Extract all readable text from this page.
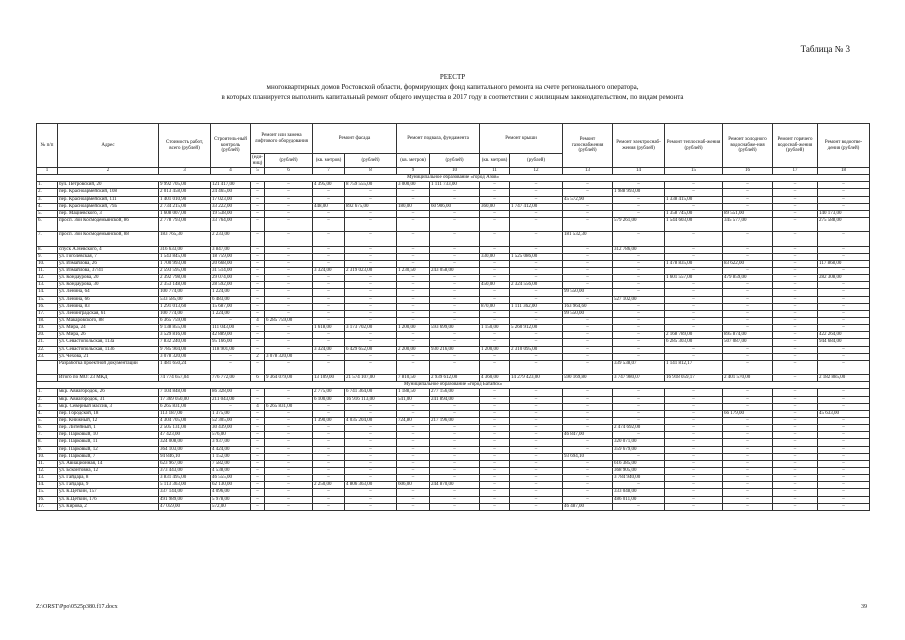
Таблица № 3
РЕЕСТР
многоквартирных домов Ростовской области, формирующих фонд капитального ремонта на счете регионального оператора,
в которых планируется выполнить капитальный ремонт общего имущества в 2017 году в соответствии с жилищным законодательством, по видам ремонта
№ п/п	Адрес	Стоимость работ, всего (рублей)	Строитель-ный контроль (рублей)	Ремонт или замена лифтового оборудования		Ремонт фасада		Ремонт подвала, фундамента		Ремонт крыши		Ремонт газоснабжения (рублей)	Ремонт электроснаб-жения (рублей)	Ремонт теплоснаб-жения (рублей)	Ремонт холодного водоснабже-ния (рублей)	Ремонт горячего водоснаб-жения (рублей)	Ремонт водоотве-дения (рублей)
				(еди-ниц)	(рублей)	(кв. метров)	(рублей)	(кв. метров)	(рублей)	(кв. метров)	(рублей)						
1	2	3	4	5	6	7	8	9	10	11	12	13	14	15	16	17	18
Муниципальное образование «город Азов»																	
1.	бул. Петровский, 20	9 992 705,00	121 417,00	–	–	4 395,00	8 759 555,00	3 000,00	1 111 733,00	–	–	–	–	–	–	–	–
2.	пер. Красноармейский, 108	2 013 458,00	24 465,00	–	–	–	–	–	–	–	–	–	1 988 993,00	–	–	–	–
3.	пер. Красноармейский, 111	1 401 010,90	17 023,00	–	–	–	–	–	–	–	–	45 572,90	–	1 338 415,00	–	–	–
4.	пер. Красноармейский, 79а	2 734 215,00	33 222,00	–	–	448,00	892 675,00	180,00	60 906,00	360,00	1 747 412,00	–	–	–	–	–	–
5.	пер. Мациевского, 3	1 608 007,00	19 538,00	–	–	–	–	–	–	–	–	–	–	1 358 745,00	89 551,00	–	140 173,00
6.	просп. Зои Космодемьянской, 86	2 778 793,00	33 764,00	–	–	–	–	–	–	–	–	–	579 261,00	1 544 603,00	345 577,00	–	275 588,00
7.	просп. Зои Космодемьянской, 88	183 765,30	2 233,00	–	–	–	–	–	–	–	–	181 532,30	–	–	–	–	–
8.	спуск А.Невского, 4	316 633,00	3 847,00	–	–	–	–	–	–	–	–	–	312 786,00	–	–	–	–
9.	ул. Гоголевская, 7	1 543 845,00	18 759,00	–	–	–	–	–	–	330,00	1 525 086,00	–	–	–	–	–	–
10.	ул. Измайлова, 26	1 700 993,00	20 668,00	–	–	–	–	–	–	–	–	–	–	1 478 835,00	83 622,00	–	117 868,00
11.	ул. Измайлова, 37/41	2 593 595,00	31 514,00	–	–	3 324,00	2 319 023,00	1 230,50	243 058,00	–	–	–	–	–	–	–	–
12.	ул. Кондаурова, 20	2 392 798,00	29 074,00	–	–	–	–	–	–	–	–	–	–	1 601 557,00	479 859,00	–	282 308,00
13.	ул. Кондаурова, 30	2 353 148,00	28 592,00	–	–	–	–	–	–	450,00	2 324 556,00	–	–	–	–	–	–
14.	ул. Ленина, 64	100 774,00	1 224,00	–	–	–	–	–	–	–	–	99 550,00	–	–	–	–	–
15.	ул. Ленина, 66	533 585,00	6 483,00	–	–	–	–	–	–	–	–	–	527 102,00	–	–	–	–
16.	ул. Ленина, 83	1 291 013,60	15 687,00	–	–	–	–	–	–	870,00	1 111 362,00	163 964,60	–	–	–	–	–
17.	ул. Ленинградская, 61	100 774,00	1 224,00	–	–	–	–	–	–	–	–	99 550,00	–	–	–	–	–
18.	ул. Макаровского, 88	6 365 759,00	–	4	6 285 759,00	–	–	–	–	–	–	–	–	–	–	–	–
19.	ул. Мира, 24	9 138 855,00	111 043,00	–	–	1 618,00	3 173 702,00	1 200,00	593 699,00	1 150,00	5 260 912,00	–	–	–	–	–	–
20.	ул. Мира, 26	3 529 816,00	42 889,00	–	–	–	–	–	–	–	–	–	–	2 168 789,00	895 874,00	–	422 264,00
21.	ул. Севастопольская, 113а	7 832 240,00	95 166,00	–	–	–	–	–	–	–	–	–	–	6 285 303,00	507 087,00	–	944 684,00
22.	ул. Севастопольская, 113б	9 785 904,00	118 901,00	–	–	3 324,00	6 429 652,00	2 200,00	930 216,00	1 200,00	2 310 095,00	–	–	–	–	–	–
23.	ул. Чехова, 21	3 078 320,00	–	2	3 078 320,00	–	–	–	–	–	–	–	–	–	–	–	–
	Разработка проектной документации	1 481 650,24	–	–	–	–	–	–	–	–	–	–	339 538,07	1 141 812,17	–	–	–
	Итого по МО: 23 МКД	74 774 657,04	776 772,00	6	9 364 079,00	13 109,00	21 574 107,00	7 810,50	2 939 612,00	4 360,00	14 279 423,00	590 169,80	3 747 980,07	16 918 059,17	2 401 570,00	–	2 182 885,00
Муниципальное образование «город Батайск»																	
1.	мкр. Авиагородок, 26	7 104 848,00	86 328,00	–	–	2 775,00	6 741 364,00	1 188,50	277 156,00	–	–	–	–	–	–	–	–
2.	мкр. Авиагородок, 31	17 369 050,00	211 043,00	–	–	6 100,00	16 916 113,00	541,00	241 894,00	–	–	–	–	–	–	–	–
3.	мкр. Северный массив, 3	6 265 831,00	–	4	6 265 831,00	–	–	–	–	–	–	–	–	–	–	–	–
4.	пер. Городской, 18	113 187,00	1 375,00	–	–	–	–	–	–	–	–	–	–	–	66 179,00	–	45 633,00
5.	пер. Книжный, 12	4 304 705,00	52 305,00	–	–	1 390,00	4 035 204,00	724,80	217 196,00	–	–	–	–	–	–	–	–
6.	пер. Литейный, 1	2 505 131,00	30 439,00	–	–	–	–	–	–	–	–	–	2 474 692,00	–	–	–	–
7.	пер. Парковый, 10	47 423,00	576,00	–	–	–	–	–	–	–	–	46 847,00	–	–	–	–	–
8.	пер. Парковый, 11	324 008,00	3 937,00	–	–	–	–	–	–	–	–	–	320 071,00	–	–	–	–
9.	пер. Парковый, 12	364 103,00	4 424,00	–	–	–	–	–	–	–	–	–	359 679,00	–	–	–	–
10.	пер. Парковый, 7	94 846,10	1 152,00	–	–	–	–	–	–	–	–	93 694,10	–	–	–	–	–
11.	ул. Авиационная, 14	623 967,00	7 582,00	–	–	–	–	–	–	–	–	–	616 385,00	–	–	–	–
12.	ул. Бсконтовна, 12	373 443,00	4 538,00	–	–	–	–	–	–	–	–	–	368 905,00	–	–	–	–
13.	ул. Гайдара, 8	3 831 495,00	46 555,00	–	–	–	–	–	–	–	–	–	3 784 940,00	–	–	–	–
14.	ул. Гайдара, 9	5 113 363,00	62 130,00	–	–	2 250,00	4 806 363,00	606,00	244 870,00	–	–	–	–	–	–	–	–
15.	ул. К.Цеткин, 157	337 144,00	4 096,00	–	–	–	–	–	–	–	–	–	333 048,00	–	–	–	–
16.	ул. К.Цеткин, 176	491 989,00	5 978,00	–	–	–	–	–	–	–	–	–	486 011,00	–	–	–	–
17.	ул. Кирова, 2	47 059,00	572,00	–	–	–	–	–	–	–	–	46 487,00	–	–	–	–	–
Z:\ORST\Ppo\0525p380.f17.docx	39
